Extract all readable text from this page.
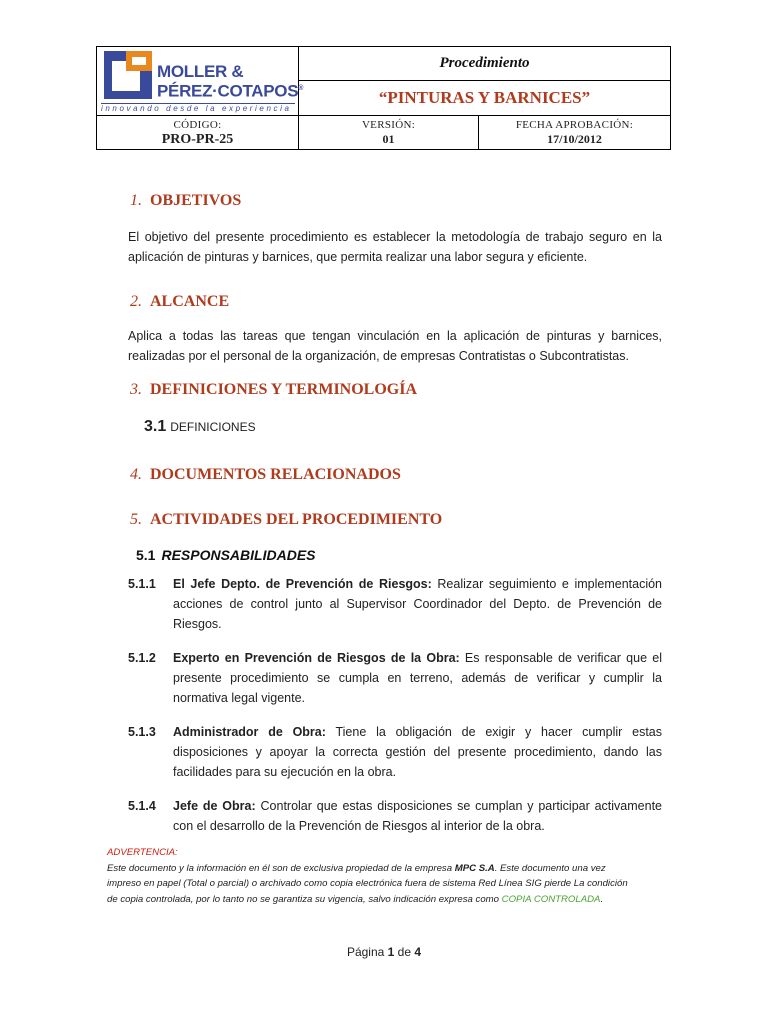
MOLLER &
PÉREZ·COTAPOS®
innovando desde la experiencia
Procedimiento
“PINTURAS Y BARNICES”
CÓDIGO:
PRO-PR-25
VERSIÓN:
01
FECHA APROBACIÓN:
17/10/2012
1. OBJETIVOS
El objetivo del presente procedimiento es establecer la metodología de trabajo seguro en la aplicación de pinturas y barnices, que permita realizar una labor segura y eficiente.
2. ALCANCE
Aplica a todas las tareas que tengan vinculación en la aplicación de pinturas y barnices, realizadas por el personal de la organización, de empresas Contratistas o Subcontratistas.
3. DEFINICIONES Y TERMINOLOGÍA
3.1 DEFINICIONES
4. DOCUMENTOS RELACIONADOS
5. ACTIVIDADES DEL PROCEDIMIENTO
5.1 RESPONSABILIDADES
5.1.1 El Jefe Depto. de Prevención de Riesgos: Realizar seguimiento e implementación acciones de control junto al Supervisor Coordinador del Depto. de Prevención de Riesgos.
5.1.2 Experto en Prevención de Riesgos de la Obra: Es responsable de verificar que el presente procedimiento se cumpla en terreno, además de verificar y cumplir la normativa legal vigente.
5.1.3 Administrador de Obra: Tiene la obligación de exigir y hacer cumplir estas disposiciones y apoyar la correcta gestión del presente procedimiento, dando las facilidades para su ejecución en la obra.
5.1.4 Jefe de Obra: Controlar que estas disposiciones se cumplan y participar activamente con el desarrollo de la Prevención de Riesgos al interior de la obra.
ADVERTENCIA:
Este documento y la información en él son de exclusiva propiedad de la empresa MPC S.A. Este documento una vez impreso en papel (Total o parcial) o archivado como copia electrónica fuera de sistema Red Línea SIG pierde La condición de copia controlada, por lo tanto no se garantiza su vigencia, salvo indicación expresa como COPIA CONTROLADA.
Página 1 de 4
